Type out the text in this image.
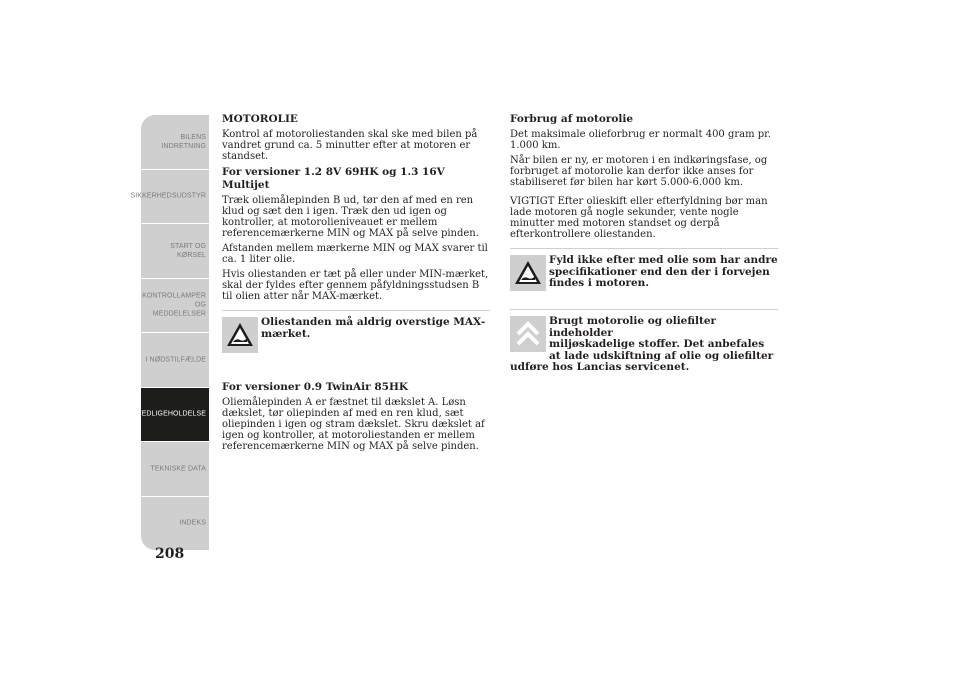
BILENS
INDRETNING
SIKKERHEDSUDSTYR
START OG KØRSEL
KONTROLLAMPER
OG MEDDELELSER
I NØDSTILFÆLDE
VEDLIGEHOLDELSE
TEKNISKE DATA
INDEKS
208
MOTOROLIE

Kontrol af motoroliestanden skal ske med bilen på vandret grund ca. 5 minutter efter at motoren er standset.

For versioner 1.2 8V 69HK og 1.3 16V Multijet

Træk oliemålepinden B ud, tør den af med en ren klud og sæt den i igen. Træk den ud igen og kontroller, at motorolieniveauet er mellem referencemærkerne MIN og MAX på selve pinden.

Afstanden mellem mærkerne MIN og MAX svarer til ca. 1 liter olie.

Hvis oliestanden er tæt på eller under MIN-mærket, skal der fyldes efter gennem påfyldningsstudsen B til olien atter når MAX-mærket.

Oliestanden må aldrig overstige MAX-mærket.
For versioner 0.9 TwinAir 85HK

Oliemålepinden A er fæstnet til dækslet A. Løsn dækslet, tør oliepinden af med en ren klud, sæt oliepinden i igen og stram dækslet. Skru dækslet af igen og kontroller, at motoroliestanden er mellem referencemærkerne MIN og MAX på selve pinden.

Forbrug af motorolie

Det maksimale olieforbrug er normalt 400 gram pr. 1.000 km.

Når bilen er ny, er motoren i en indkøringsfase, og forbruget af motorolie kan derfor ikke anses for stabiliseret før bilen har kørt 5.000-6.000 km.

VIGTIGT Efter olieskift eller efterfyldning bør man lade motoren gå nogle sekunder, vente nogle minutter med motoren standset og derpå efterkontrollere oliestanden.

Fyld ikke efter med olie som har andre specifikationer end den der i forvejen findes i motoren.
Brugt motorolie og oliefilter indeholder
miljøskadelige stoffer. Det anbefales
at lade udskiftning af olie og oliefilter
udføre hos Lancias servicenet.
